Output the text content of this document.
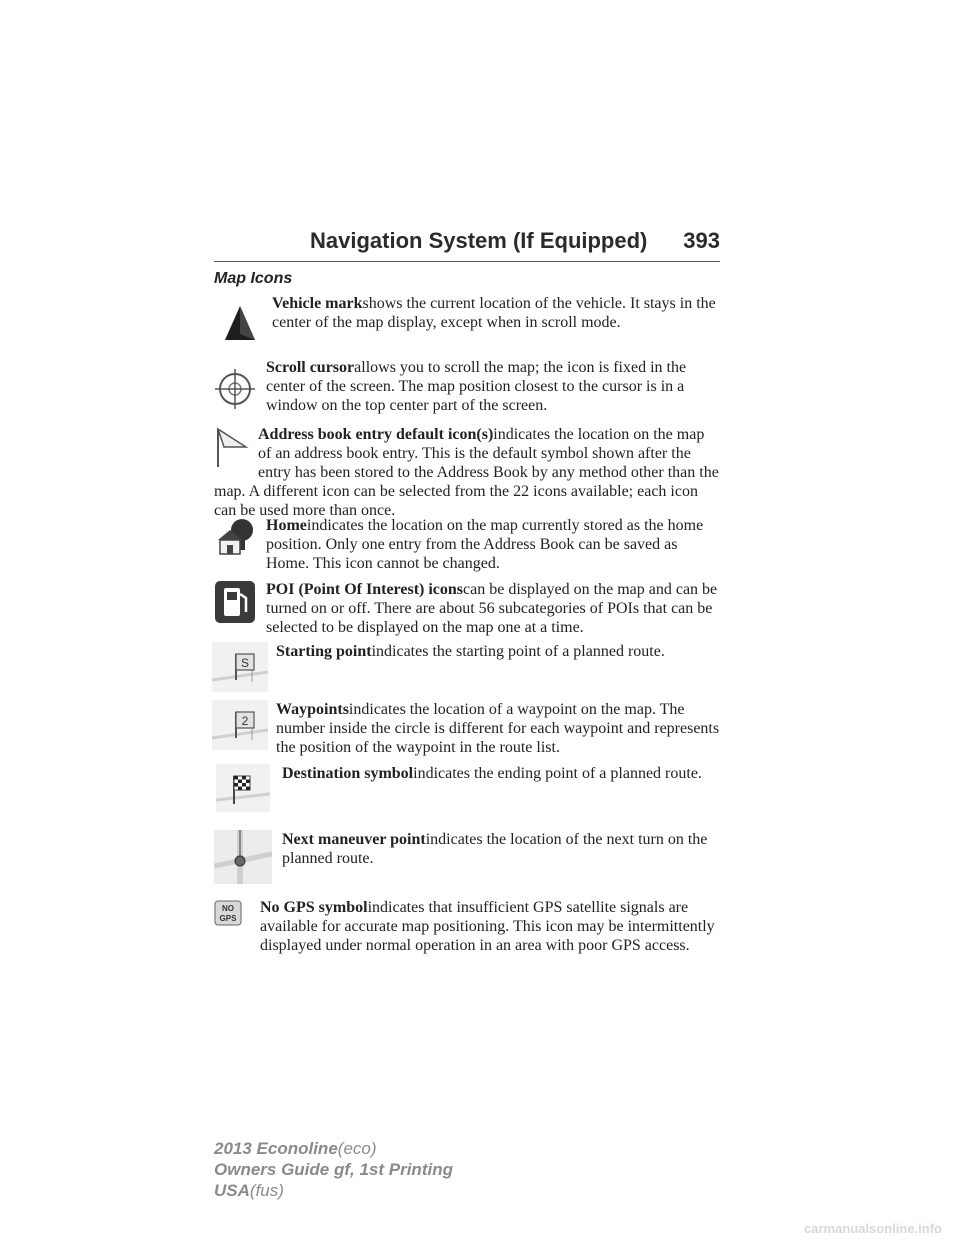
Navigation System (If Equipped) 393
Map Icons
Vehicle markshows the current location of the vehicle. It stays in the center of the map display, except when in scroll mode.
Scroll cursorallows you to scroll the map; the icon is fixed in the center of the screen. The map position closest to the cursor is in a window on the top center part of the screen.
Address book entry default icon(s)indicates the location on the map of an address book entry. This is the default symbol shown after the entry has been stored to the Address Book by any method other than the map. A different icon can be selected from the 22 icons available; each icon can be used more than once.
Homeindicates the location on the map currently stored as the home position. Only one entry from the Address Book can be saved as Home. This icon cannot be changed.
POI (Point Of Interest) iconscan be displayed on the map and can be turned on or off. There are about 56 subcategories of POIs that can be selected to be displayed on the map one at a time.
S
Starting pointindicates the starting point of a planned route.
2
Waypointsindicates the location of a waypoint on the map. The number inside the circle is different for each waypoint and represents the position of the waypoint in the route list.
Destination symbolindicates the ending point of a planned route.
Next maneuver pointindicates the location of the next turn on the planned route.
NO
GPS
No GPS symbolindicates that insufficient GPS satellite signals are available for accurate map positioning. This icon may be intermittently displayed under normal operation in an area with poor GPS access.
2013 Econoline(eco)
Owners Guide gf, 1st Printing
USA(fus)
carmanualsonline.info
